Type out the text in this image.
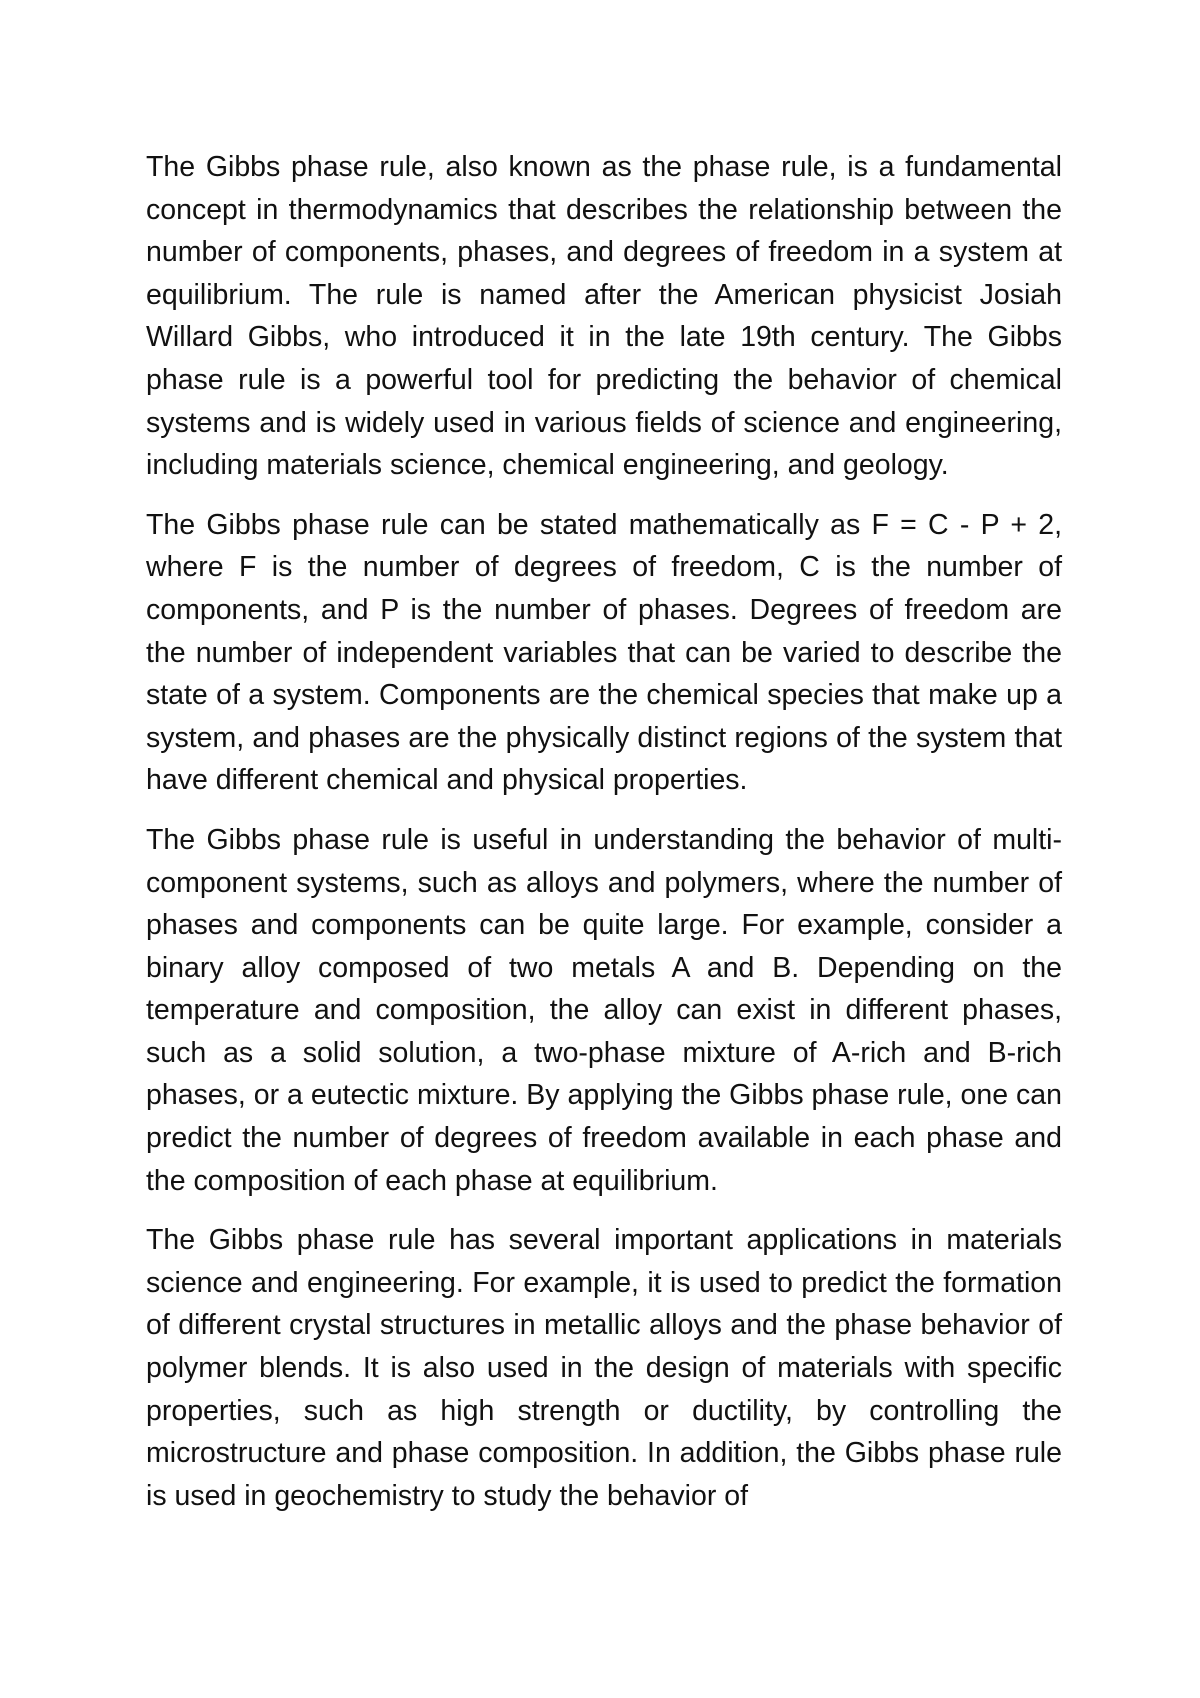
The Gibbs phase rule, also known as the phase rule, is a fundamental concept in thermodynamics that describes the relationship between the number of components, phases, and degrees of freedom in a system at equilibrium. The rule is named after the American physicist Josiah Willard Gibbs, who introduced it in the late 19th century. The Gibbs phase rule is a powerful tool for predicting the behavior of chemical systems and is widely used in various fields of science and engineering, including materials science, chemical engineering, and geology.

The Gibbs phase rule can be stated mathematically as F = C - P + 2, where F is the number of degrees of freedom, C is the number of components, and P is the number of phases. Degrees of freedom are the number of independent variables that can be varied to describe the state of a system. Components are the chemical species that make up a system, and phases are the physically distinct regions of the system that have different chemical and physical properties.

The Gibbs phase rule is useful in understanding the behavior of multi-component systems, such as alloys and polymers, where the number of phases and components can be quite large. For example, consider a binary alloy composed of two metals A and B. Depending on the temperature and composition, the alloy can exist in different phases, such as a solid solution, a two-phase mixture of A-rich and B-rich phases, or a eutectic mixture. By applying the Gibbs phase rule, one can predict the number of degrees of freedom available in each phase and the composition of each phase at equilibrium.

The Gibbs phase rule has several important applications in materials science and engineering. For example, it is used to predict the formation of different crystal structures in metallic alloys and the phase behavior of polymer blends. It is also used in the design of materials with specific properties, such as high strength or ductility, by controlling the microstructure and phase composition. In addition, the Gibbs phase rule is used in geochemistry to study the behavior of
